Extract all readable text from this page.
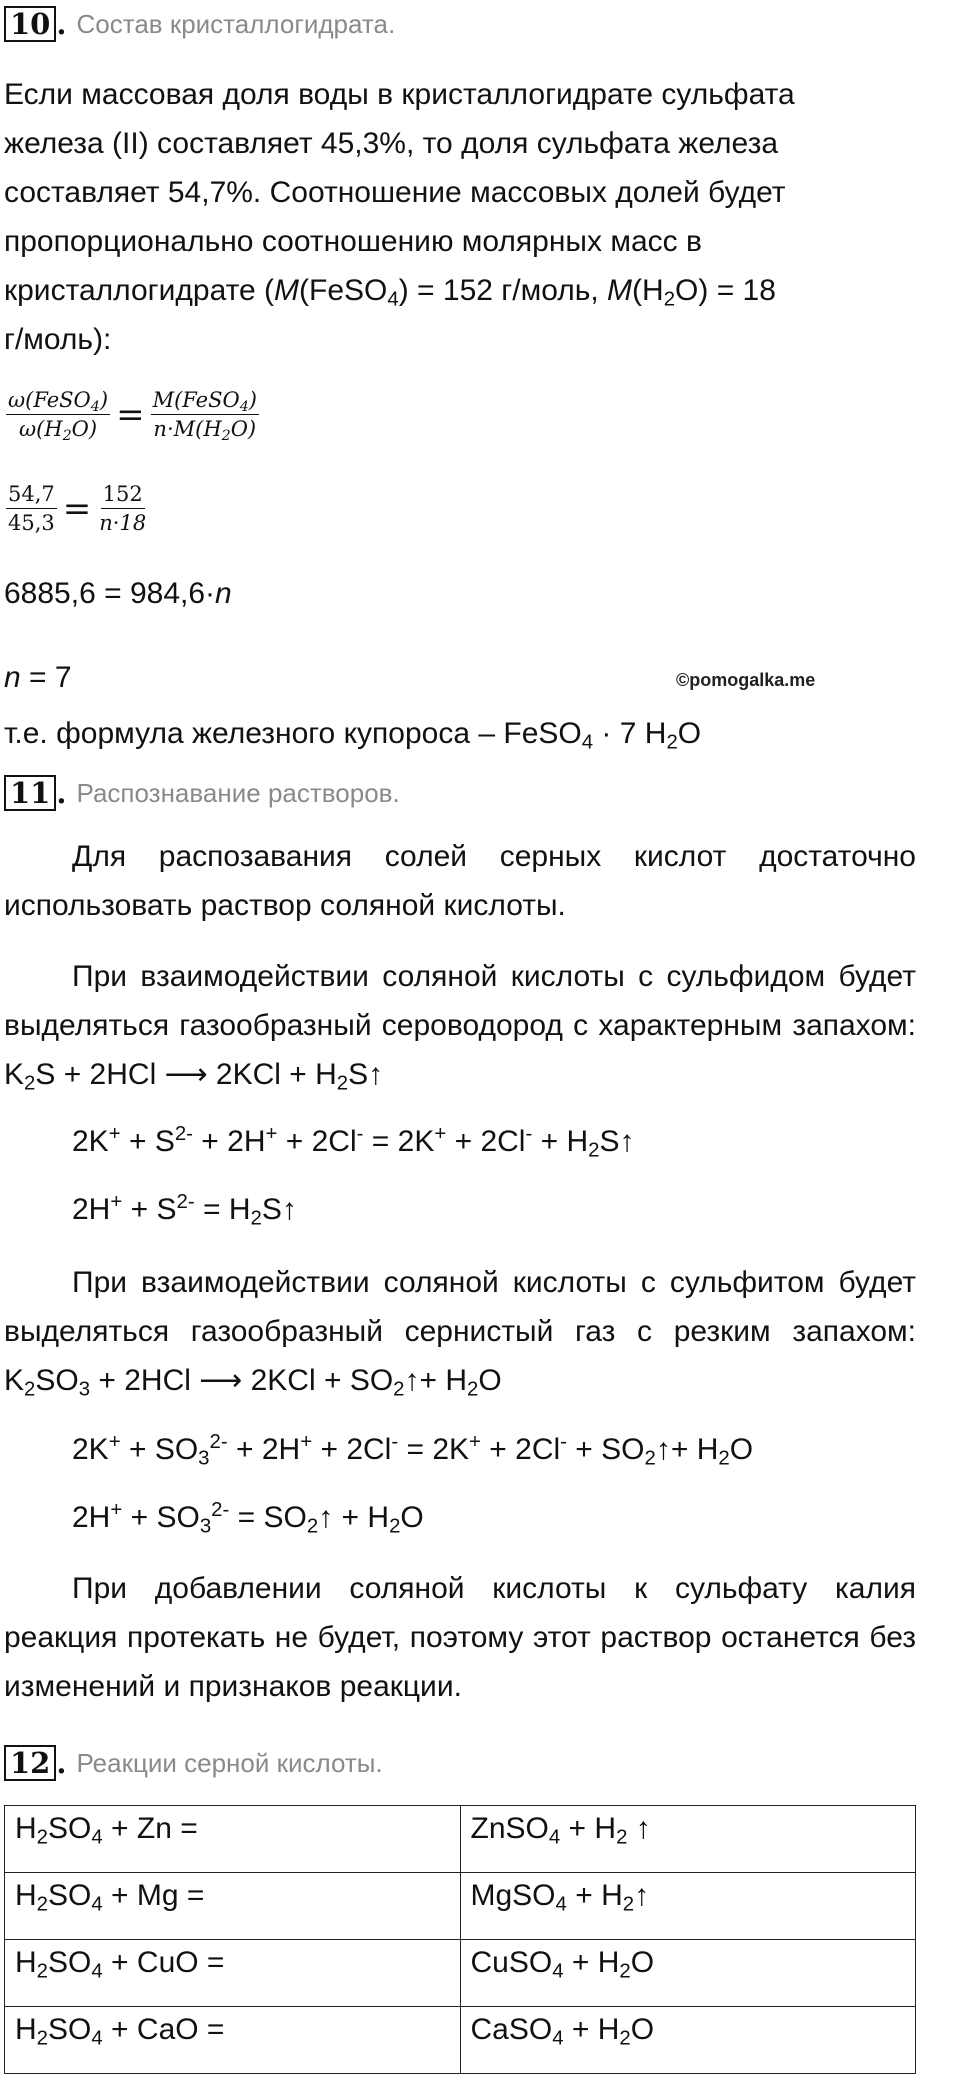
10 . Состав кристаллогидрата.
Если массовая доля воды в кристаллогидрате сульфата
железа (II) составляет 45,3%, то доля сульфата железа
составляет 54,7%. Соотношение массовых долей будет
пропорционально соотношению молярных масс в
кристаллогидрате (M(FeSO$_4$) = 152 г/моль, $M(H_2O) = 18$
г/моль):
ω(FeSO$_4$)
$\omega(H_2O)$ = M(FeSO$_4$)
$n\cdot M(H_2O)$
$\frac{54,7}{45,3} = \frac{152}{n\cdot 18}$
6885,6 = 984,6·n
n = 7	©pomogalka.me
т.е. формула железного купороса – FeSO$_4$ · 7 $H_2O$
11 . Распознавание растворов.
Для распозавания солей серных кислот достаточно использовать раствор соляной кислоты.
При взаимодействии соляной кислоты с сульфидом будет выделяться газообразный сероводород с характерным запахом: $K_2S + 2HCl$ ⟶ $2KCl + H_2S↑$
$2K^+ + S^{2-} + 2H^+ + 2Cl^- = 2K^+ + 2Cl^-$ + $H_2S↑$
$2H^+ + S^{2-}$ = $H_2S↑$
При взаимодействии соляной кислоты с сульфитом будет выделяться газообразный сернистый газ с резким запахом: $K_2SO_3 + 2HCl$ ⟶ $2KCl + SO_2↑+ H_2O$
$2K^+ + SO_3^{2-} + 2H^+ + 2Cl^- = 2K^+ + 2Cl^-$ + $SO_2↑+ H_2O$
$2H^+ + SO_3^{2-}$ = $SO_2↑ + H_2O$
При добавлении соляной кислоты к сульфату калия реакция протекать не будет, поэтому этот раствор останется без изменений и признаков реакции.
12 . Реакции серной кислоты.
$H_2SO_4 + Zn$ =	ZnSO$_4$ + $H_2$ ↑
$H_2SO_4 + Mg$ =	MgSO$_4$ + $H_2↑$
$H_2SO_4$ + CuO =	CuSO$_4$ + $H_2O$
$H_2SO_4$ + CaO =	CaSO$_4$ + $H_2O$
